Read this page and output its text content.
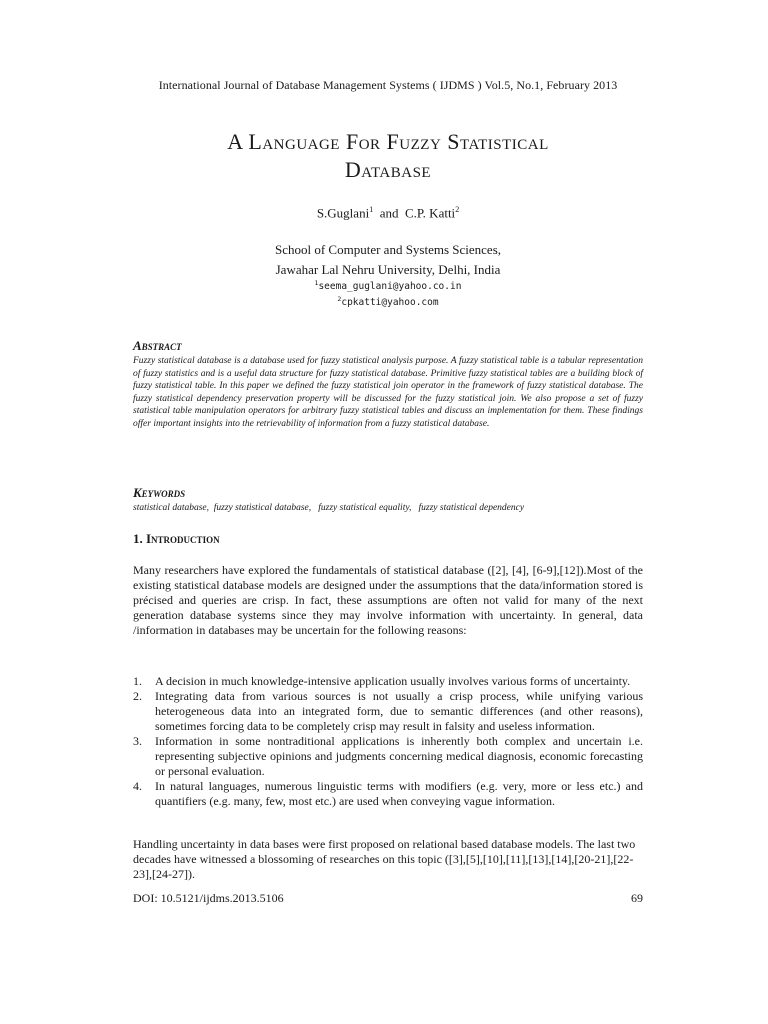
International Journal of Database Management Systems ( IJDMS ) Vol.5, No.1, February 2013
A Language For Fuzzy Statistical
Database
S.Guglani$^1$ and C.P. Katti$^2$
School of Computer and Systems Sciences,
Jawahar Lal Nehru University, Delhi, India
$^1$seema_guglani@yahoo.co.in
$^2$cpkatti@yahoo.com
Abstract

Fuzzy statistical database is a database used for fuzzy statistical analysis purpose. A fuzzy statistical table is a tabular representation of fuzzy statistics and is a useful data structure for fuzzy statistical database. Primitive fuzzy statistical tables are a building block of fuzzy statistical table. In this paper we defined the fuzzy statistical join operator in the framework of fuzzy statistical database. The fuzzy statistical dependency preservation property will be discussed for the fuzzy statistical join. We also propose a set of fuzzy statistical table manipulation operators for arbitrary fuzzy statistical tables and discuss an implementation for them. These findings offer important insights into the retrievability of information from a fuzzy statistical database.

Keywords
statistical database,  fuzzy statistical database,   fuzzy statistical equality,   fuzzy statistical dependency
1. Introduction

Many researchers have explored the fundamentals of statistical database ([2], [4], [6-9],[12]).Most of the existing statistical database models are designed under the assumptions that the data/information stored is précised and queries are crisp. In fact, these assumptions are often not valid for many of the next generation database systems since they may involve information with uncertainty. In general, data /information in databases may be uncertain for the following reasons:

1. A decision in much knowledge-intensive application usually involves various forms of uncertainty.
2. Integrating data from various sources is not usually a crisp process, while unifying various heterogeneous data into an integrated form, due to semantic differences (and other reasons), sometimes forcing data to be completely crisp may result in falsity and useless information.
3. Information in some nontraditional applications is inherently both complex and uncertain i.e. representing subjective opinions and judgments concerning medical diagnosis, economic forecasting or personal evaluation.
4. In natural languages, numerous linguistic terms with modifiers (e.g. very, more or less etc.) and quantifiers (e.g. many, few, most etc.) are used when conveying vague information.

Handling uncertainty in data bases were first proposed on relational based database models. The last two decades have witnessed a blossoming of researches on this topic ([3],[5],[10],[11],[13],[14],[20-21],[22-23],[24-27]).

DOI: 10.5121/ijdms.2013.5106	69
